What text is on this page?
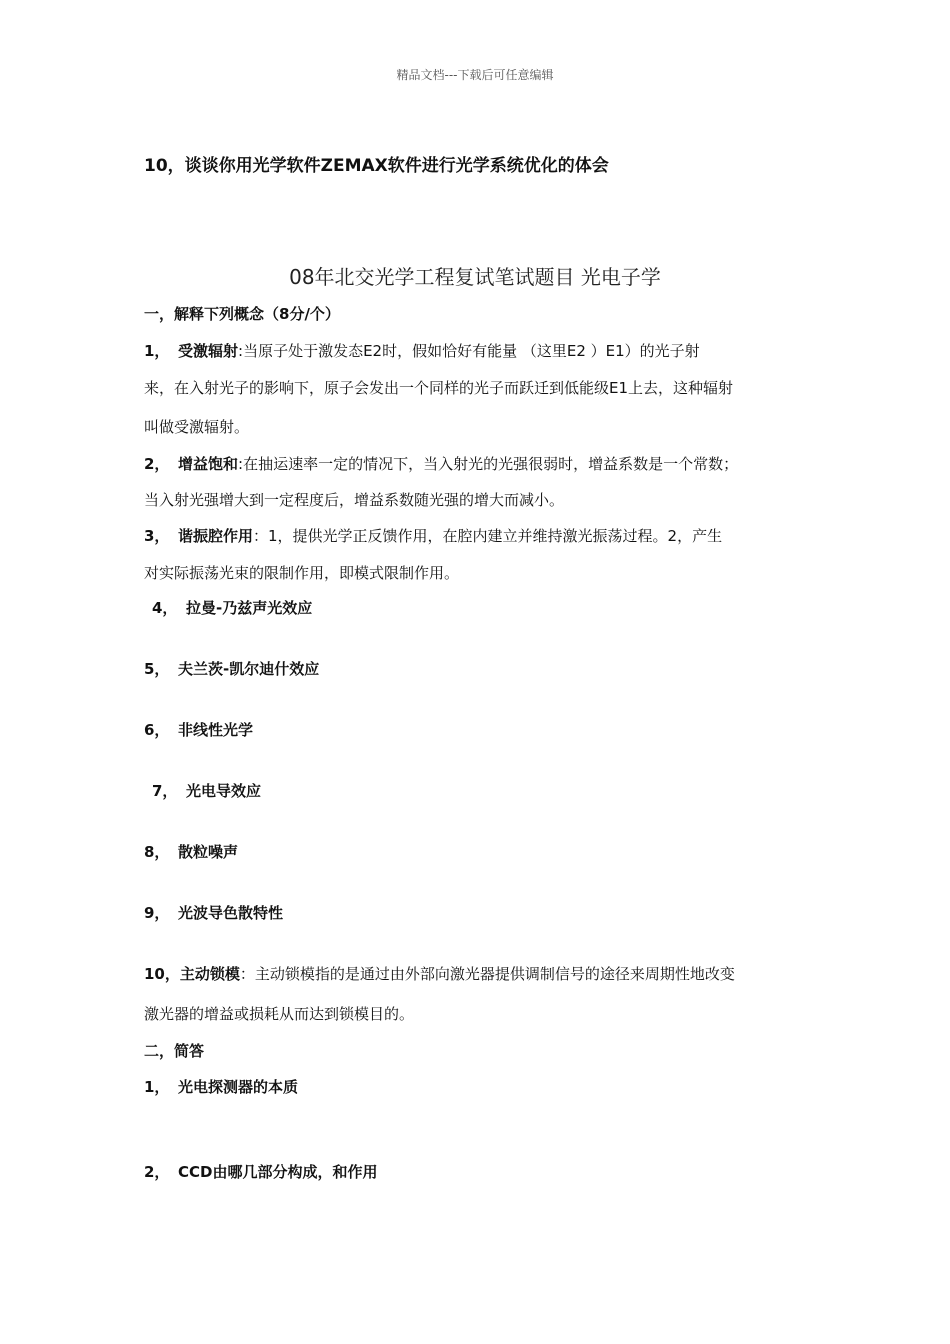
精品文档---下载后可任意编辑
10，谈谈你用光学软件ZEMAX软件进行光学系统优化的体会
08年北交光学工程复试笔试题目 光电子学
一，解释下列概念（8分/个）
1， 受激辐射:当原子处于激发态E2时，假如恰好有能量 （这里E2 ）E1）的光子射
来，在入射光子的影响下，原子会发出一个同样的光子而跃迁到低能级E1上去，这种辐射
叫做受激辐射。
2， 增益饱和:在抽运速率一定的情况下，当入射光的光强很弱时，增益系数是一个常数；
当入射光强增大到一定程度后，增益系数随光强的增大而减小。
3， 谐振腔作用：1，提供光学正反馈作用，在腔内建立并维持激光振荡过程。2，产生
对实际振荡光束的限制作用，即模式限制作用。
4， 拉曼-乃兹声光效应
5， 夫兰茨-凯尔迪什效应
6， 非线性光学
7， 光电导效应
8， 散粒噪声
9， 光波导色散特性
10，主动锁模：主动锁模指的是通过由外部向激光器提供调制信号的途径来周期性地改变
激光器的增益或损耗从而达到锁模目的。
二，简答
1， 光电探测器的本质
2， CCD由哪几部分构成，和作用
